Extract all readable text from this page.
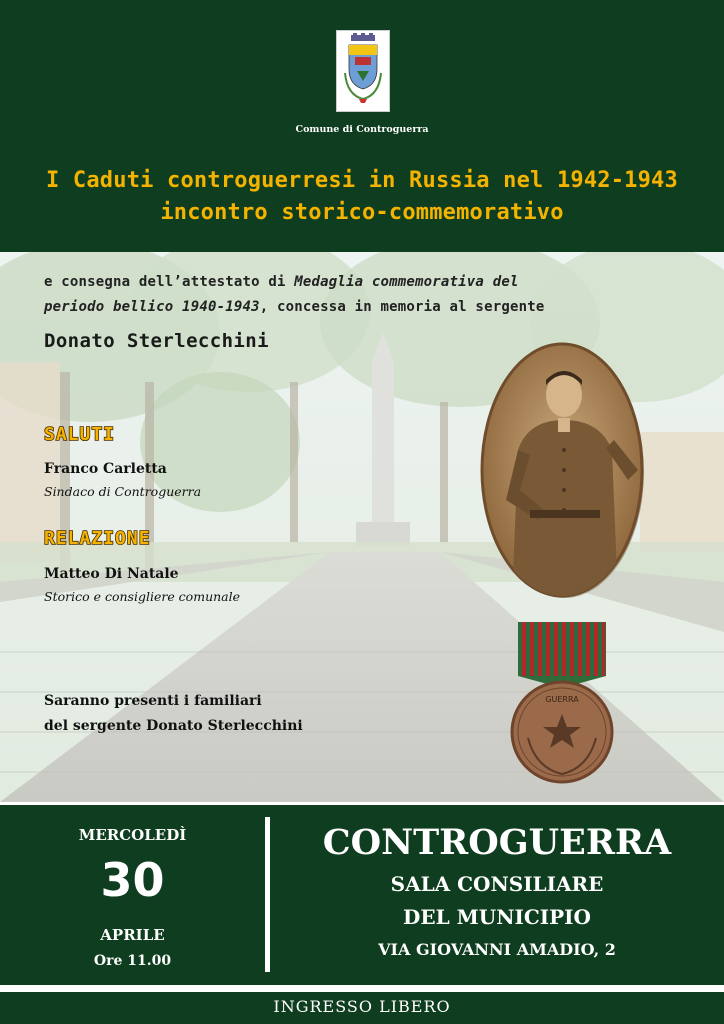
Comune di Controguerra
I Caduti controguerresi in Russia nel 1942-1943
incontro storico-commemorativo
e consegna dell’attestato di Medaglia commemorativa del
periodo bellico 1940-1943, concessa in memoria al sergente
Donato Sterlecchini
SALUTI
Franco Carletta
Sindaco di Controguerra
RELAZIONE
Matteo Di Natale
Storico e consigliere comunale
Saranno presenti i familiari
del sergente Donato Sterlecchini
GUERRA
MERCOLEDÌ
30
APRILE
Ore 11.00
CONTROGUERRA
SALA CONSILIARE
DEL MUNICIPIO
VIA GIOVANNI AMADIO, 2
INGRESSO LIBERO
